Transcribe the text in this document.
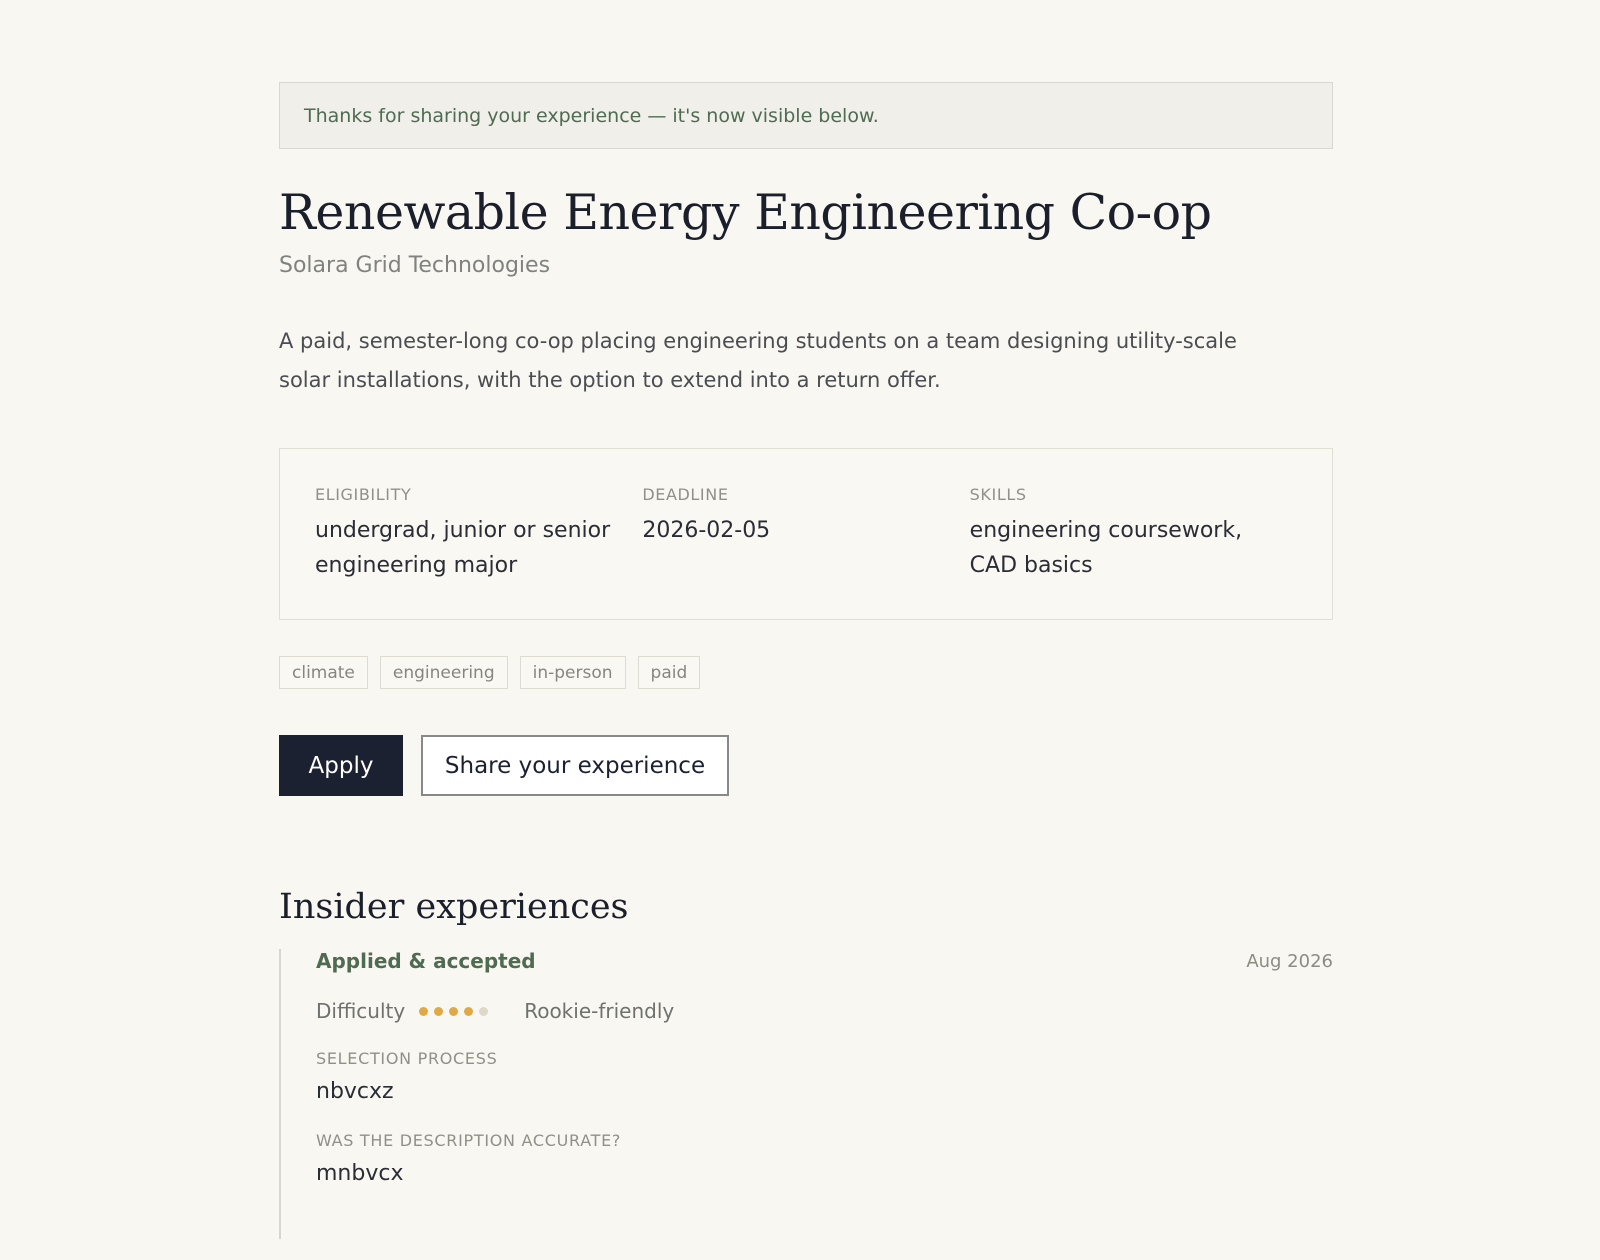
Thanks for sharing your experience — it's now visible below.
Renewable Energy Engineering Co-op
Solara Grid Technologies

A paid, semester-long co-op placing engineering students on a team designing utility-scale solar installations, with the option to extend into a return offer.

ELIGIBILITY
undergrad, junior or senior engineering major
DEADLINE
2026-02-05
SKILLS
engineering coursework, CAD basics
climate	engineering	in-person	paid
Apply	Share your experience
Insider experiences
Applied & accepted	Aug 2026
Difficulty	Rookie-friendly
SELECTION PROCESS
nbvcxz
WAS THE DESCRIPTION ACCURATE?
mnbvcx
